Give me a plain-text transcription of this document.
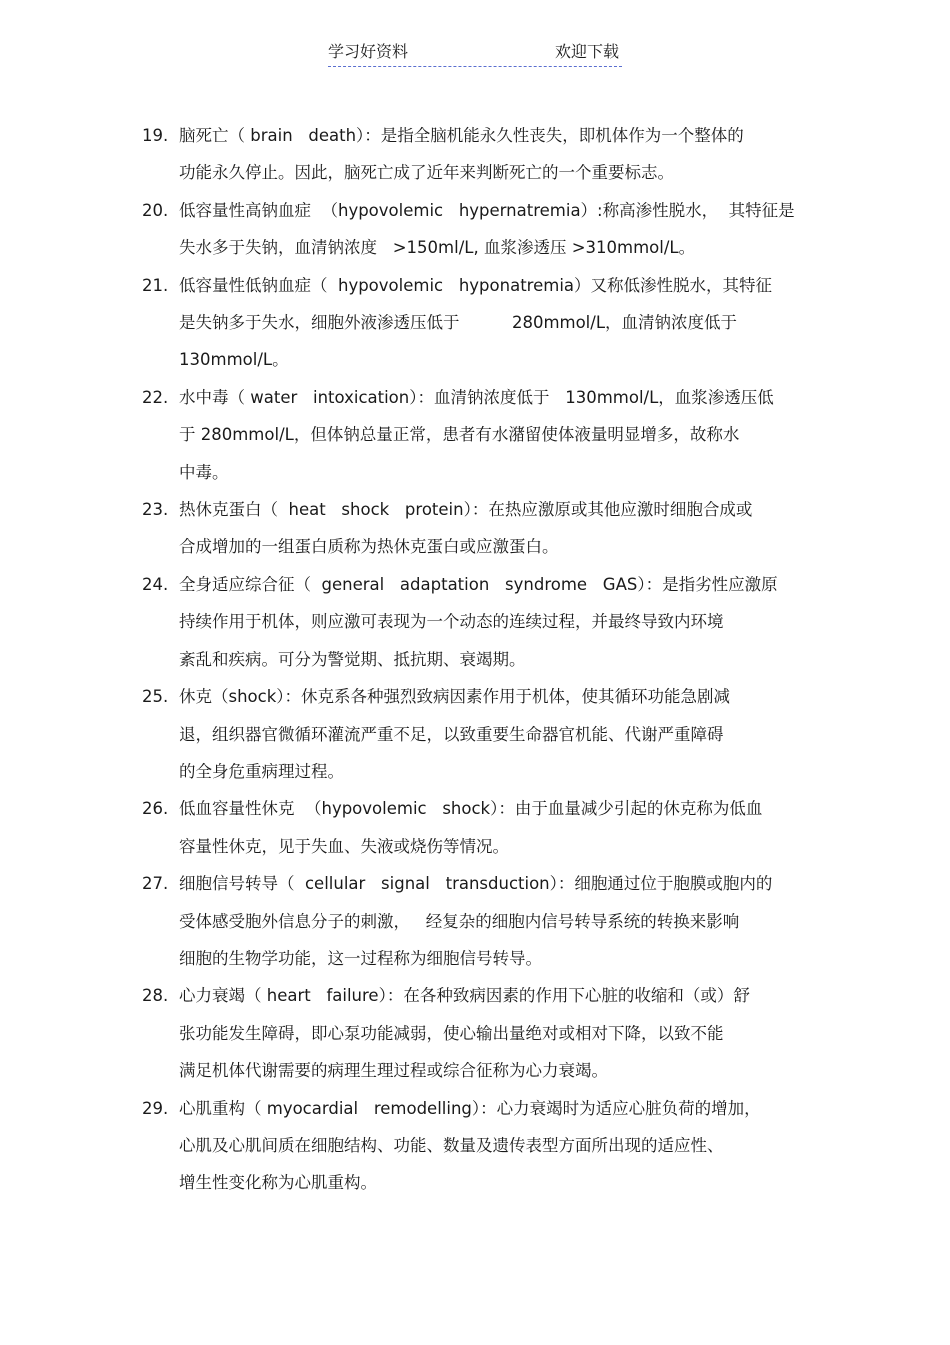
学习好资料	欢迎下载
19. 脑死亡（ brain   death）：是指全脑机能永久性丧失，即机体作为一个整体的
功能永久停止。因此，脑死亡成了近年来判断死亡的一个重要标志。
20. 低容量性高钠血症  （hypovolemic   hypernatremia）:称高渗性脱水，  其特征是
失水多于失钠，血清钠浓度   >150ml/L, 血浆渗透压 >310mmol/L。
21. 低容量性低钠血症（  hypovolemic   hyponatremia）又称低渗性脱水，其特征
是失钠多于失水，细胞外液渗透压低于          280mmol/L，血清钠浓度低于
130mmol/L。
22. 水中毒（ water   intoxication）：血清钠浓度低于   130mmol/L，血浆渗透压低
于 280mmol/L，但体钠总量正常，患者有水潴留使体液量明显增多，故称水
中毒。
23. 热休克蛋白（  heat   shock   protein）：在热应激原或其他应激时细胞合成或
合成增加的一组蛋白质称为热休克蛋白或应激蛋白。
24. 全身适应综合征（  general   adaptation   syndrome   GAS）：是指劣性应激原
持续作用于机体，则应激可表现为一个动态的连续过程，并最终导致内环境
紊乱和疾病。可分为警觉期、抵抗期、衰竭期。
25. 休克（shock）：休克系各种强烈致病因素作用于机体，使其循环功能急剧减
退，组织器官微循环灌流严重不足，以致重要生命器官机能、代谢严重障碍
的全身危重病理过程。
26. 低血容量性休克  （hypovolemic   shock）：由于血量减少引起的休克称为低血
容量性休克，见于失血、失液或烧伤等情况。
27. 细胞信号转导（  cellular   signal   transduction）：细胞通过位于胞膜或胞内的
受体感受胞外信息分子的刺激，   经复杂的细胞内信号转导系统的转换来影响
细胞的生物学功能，这一过程称为细胞信号转导。
28. 心力衰竭（ heart   failure）：在各种致病因素的作用下心脏的收缩和（或）舒
张功能发生障碍，即心泵功能减弱，使心输出量绝对或相对下降，以致不能
满足机体代谢需要的病理生理过程或综合征称为心力衰竭。
29. 心肌重构（ myocardial   remodelling）：心力衰竭时为适应心脏负荷的增加，
心肌及心肌间质在细胞结构、功能、数量及遗传表型方面所出现的适应性、
增生性变化称为心肌重构。
